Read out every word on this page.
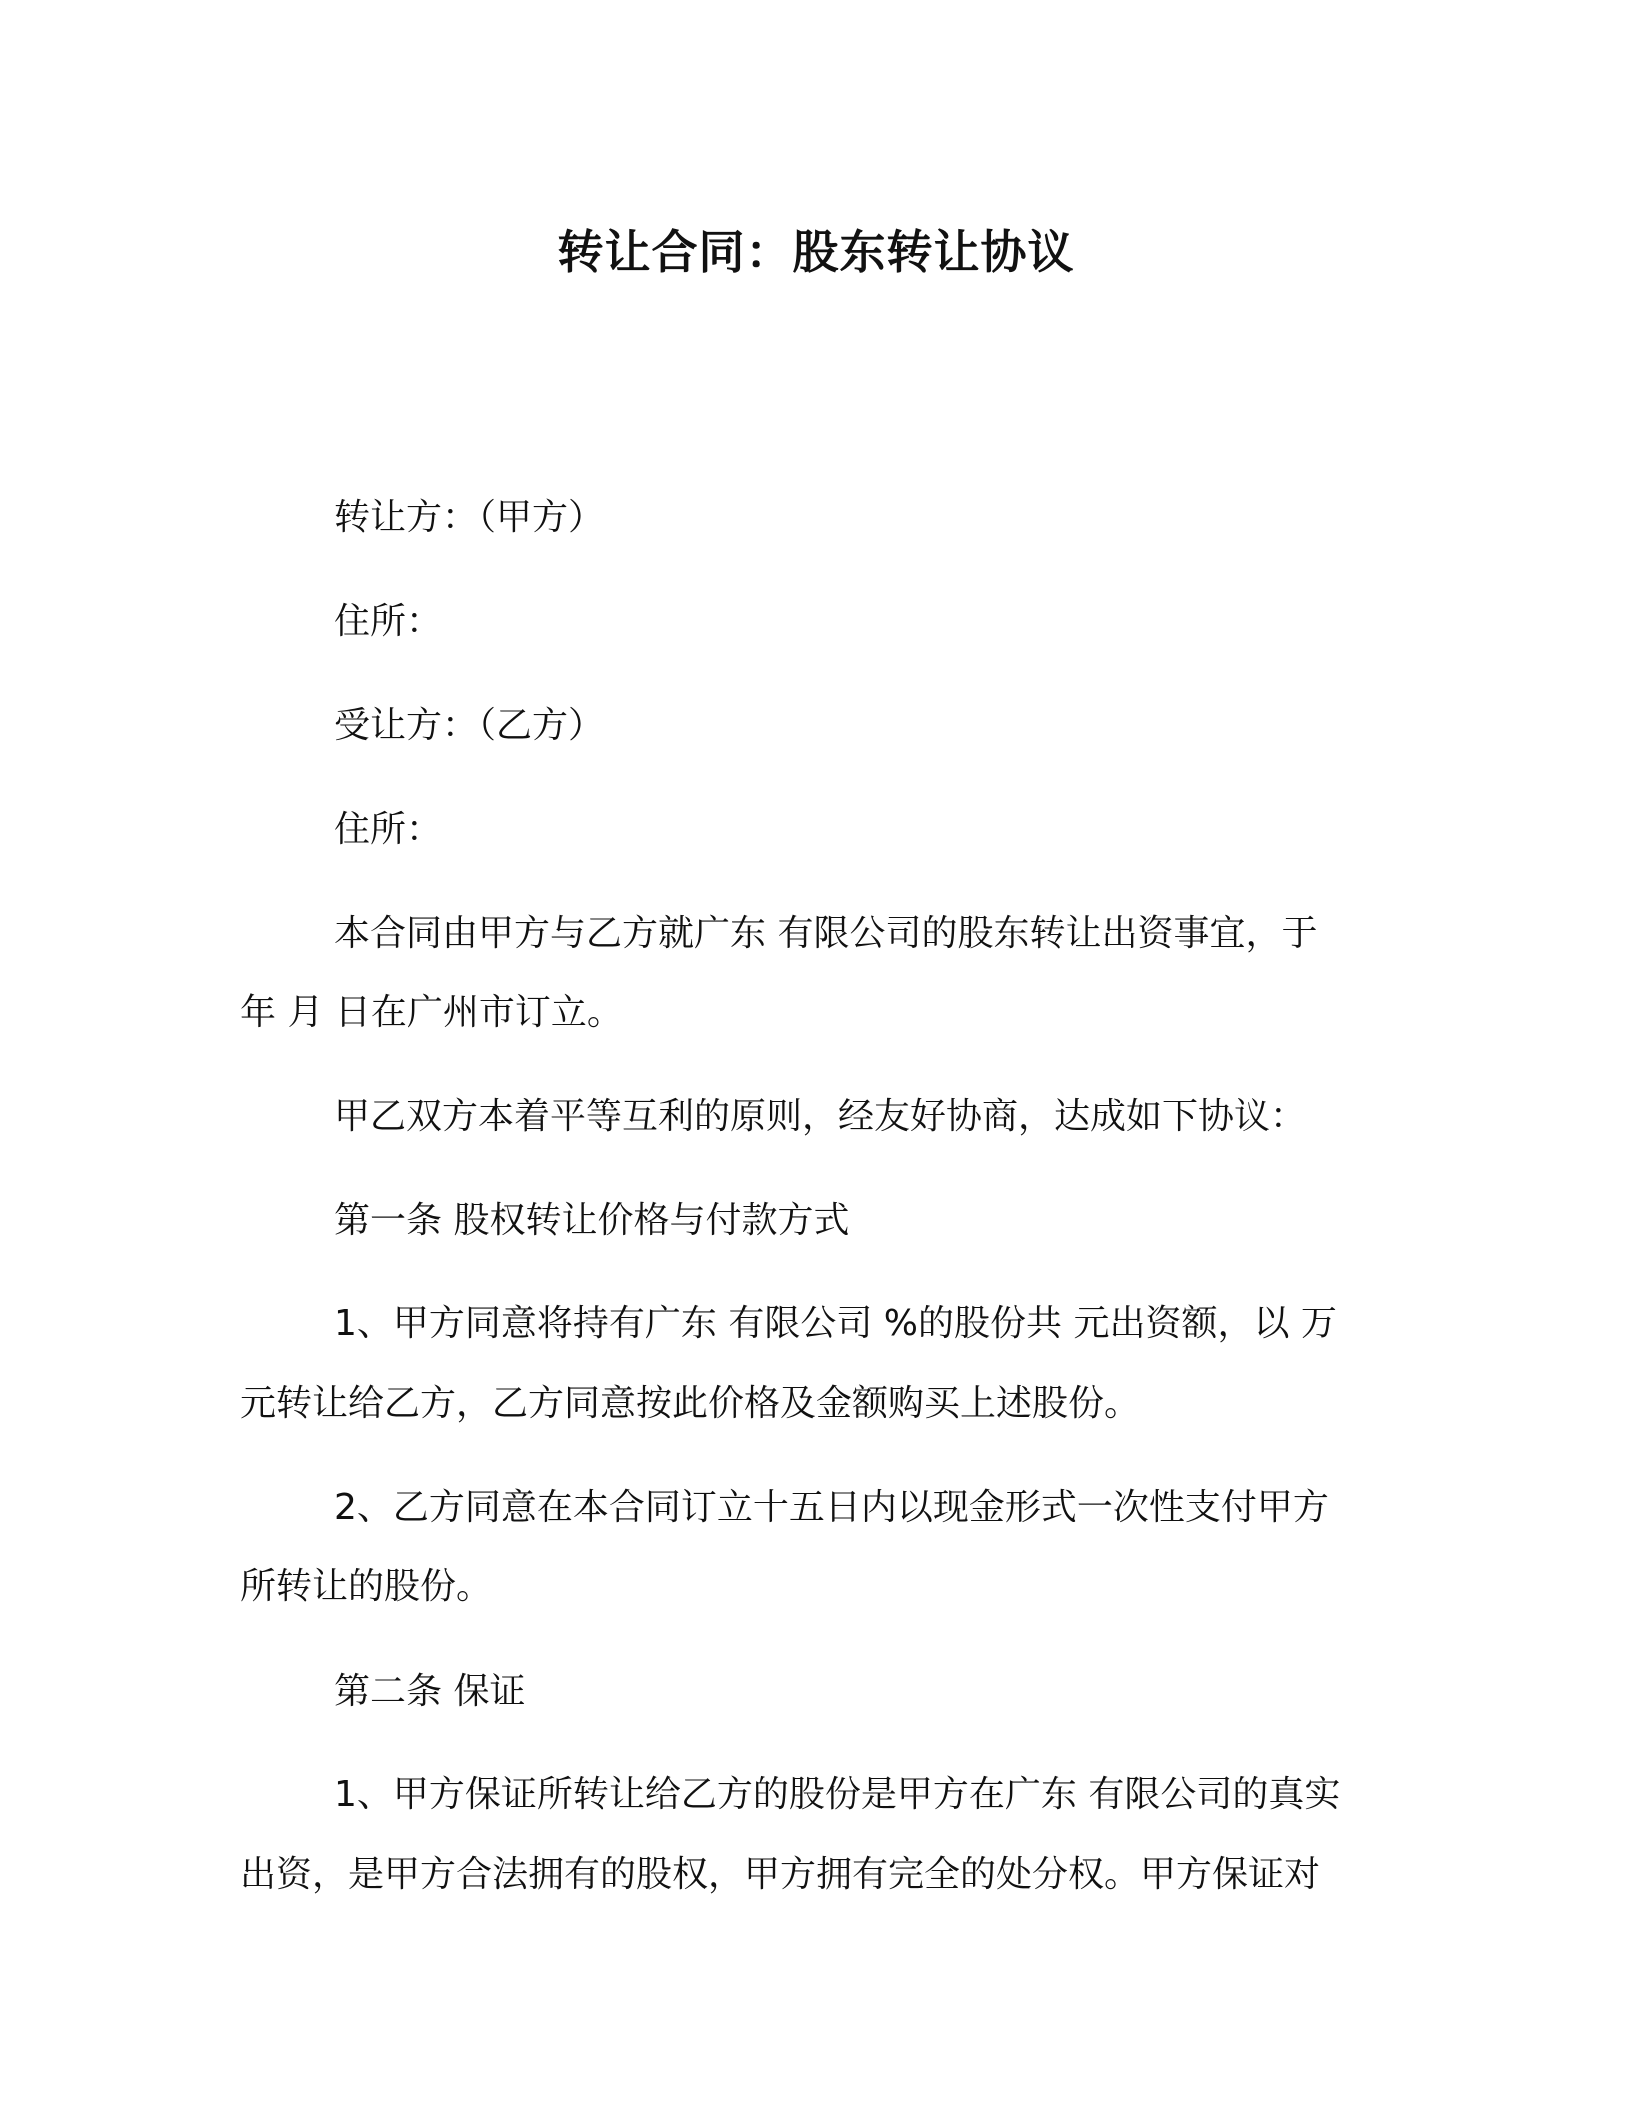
转让合同：股东转让协议
转让方：（甲方）
住所：
受让方：（乙方）
住所：
本合同由甲方与乙方就广东 有限公司的股东转让出资事宜，于
年 月 日在广州市订立。
甲乙双方本着平等互利的原则，经友好协商，达成如下协议：
第一条 股权转让价格与付款方式
1、甲方同意将持有广东 有限公司 %的股份共 元出资额，以 万
元转让给乙方，乙方同意按此价格及金额购买上述股份。
2、乙方同意在本合同订立十五日内以现金形式一次性支付甲方
所转让的股份。
第二条 保证
1、甲方保证所转让给乙方的股份是甲方在广东 有限公司的真实
出资，是甲方合法拥有的股权，甲方拥有完全的处分权。甲方保证对
